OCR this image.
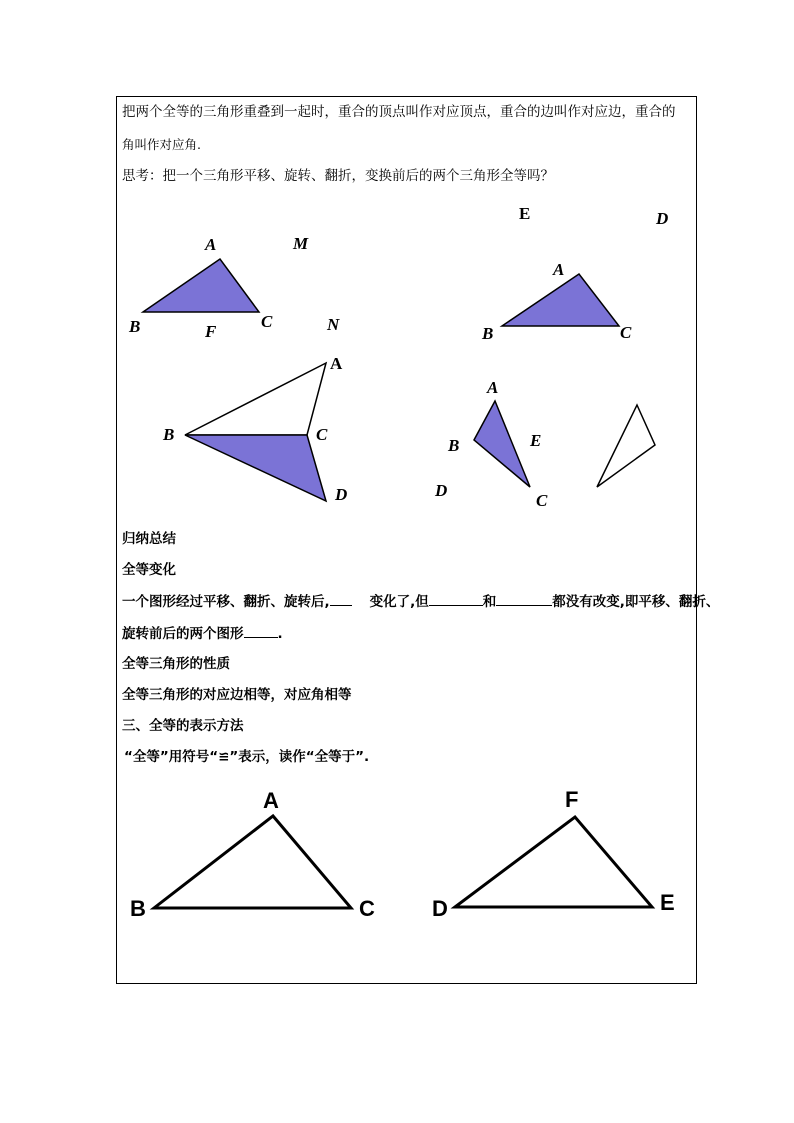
把两个全等的三角形重叠到一起时，重合的顶点叫作对应顶点，重合的边叫作对应边，重合的
角叫作对应角.
思考：把一个三角形平移、旋转、翻折，变换前后的两个三角形全等吗？
A
B	C
F
M
N
A
B	C
D
E
A
B	C
D
A
B
C
D
E
A
B	C
F
D	E
归纳总结
全等变化
一个图形经过平移、翻折、旋转后,	变化了,但	和	都没有改变,即平移、翻折、
旋转前后的两个图形	.
全等三角形的性质
全等三角形的对应边相等，对应角相等
三、全等的表示方法
“全等”用符号“≌”表示，读作“全等于”.
